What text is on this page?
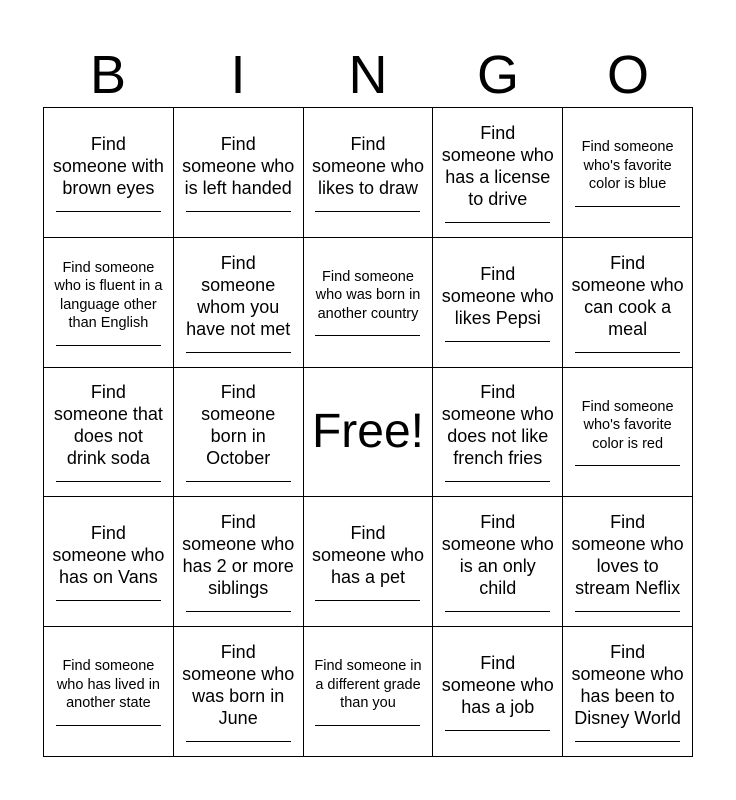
B	I	N	G	O
Find someone with brown eyes
Find someone who is left handed
Find someone who likes to draw
Find someone who has a license to drive
Find someone who's favorite color is blue
Find someone who is fluent in a language other than English
Find someone whom you have not met
Find someone who was born in another country
Find someone who likes Pepsi
Find someone who can cook a meal
Find someone that does not drink soda
Find someone born in October
Free!
Find someone who does not like french fries
Find someone who's favorite color is red
Find someone who has on Vans
Find someone who has 2 or more siblings
Find someone who has a pet
Find someone who is an only child
Find someone who loves to stream Neflix
Find someone who has lived in another state
Find someone who was born in June
Find someone in a different grade than you
Find someone who has a job
Find someone who has been to Disney World
